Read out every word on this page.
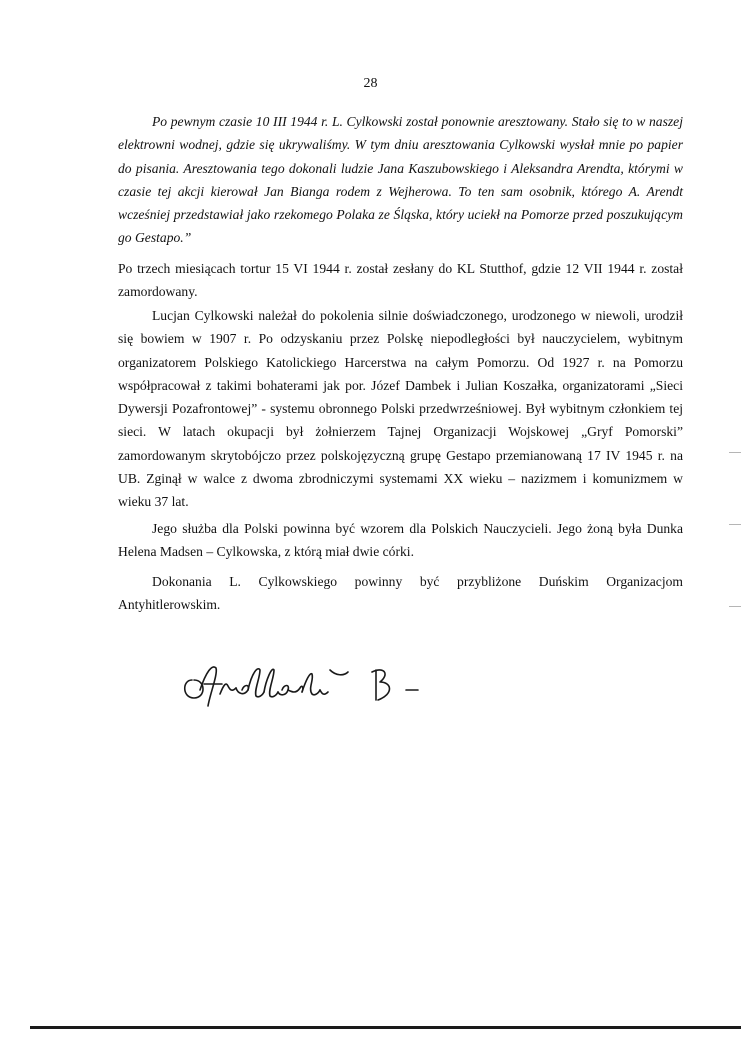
28

Po pewnym czasie 10 III 1944 r. L. Cylkowski został ponownie aresztowany. Stało się to w naszej elektrowni wodnej, gdzie się ukrywaliśmy. W tym dniu aresztowania Cylkowski wysłał mnie po papier do pisania. Aresztowania tego dokonali ludzie Jana Kaszubowskiego i Aleksandra Arendta, którymi w czasie tej akcji kierował Jan Bianga rodem z Wejherowa. To ten sam osobnik, którego A. Arendt wcześniej przedstawiał jako rzekomego Polaka ze Śląska, który uciekł na Pomorze przed poszukującym go Gestapo.”

Po trzech miesiącach tortur 15 VI 1944 r. został zesłany do KL Stutthof, gdzie 12 VII 1944 r. został zamordowany.

Lucjan Cylkowski należał do pokolenia silnie doświadczonego, urodzonego w niewoli, urodził się bowiem w 1907 r. Po odzyskaniu przez Polskę niepodległości był nauczycielem, wybitnym organizatorem Polskiego Katolickiego Harcerstwa na całym Pomorzu. Od 1927 r. na Pomorzu współpracował z takimi bohaterami jak por. Józef Dambek i Julian Koszałka, organizatorami „Sieci Dywersji Pozafrontowej” - systemu obronnego Polski przedwrześniowej. Był wybitnym członkiem tej sieci. W latach okupacji był żołnierzem Tajnej Organizacji Wojskowej „Gryf Pomorski” zamordowanym skrytobójczo przez polskojęzyczną grupę Gestapo przemianowaną 17 IV 1945 r. na UB. Zginął w walce z dwoma zbrodniczymi systemami XX wieku – nazizmem i komunizmem w wieku 37 lat.

Jego służba dla Polski powinna być wzorem dla Polskich Nauczycieli. Jego żoną była Dunka Helena Madsen – Cylkowska, z którą miał dwie córki.

Dokonania L. Cylkowskiego powinny być przybliżone Duńskim Organizacjom Antyhitlerowskim.
